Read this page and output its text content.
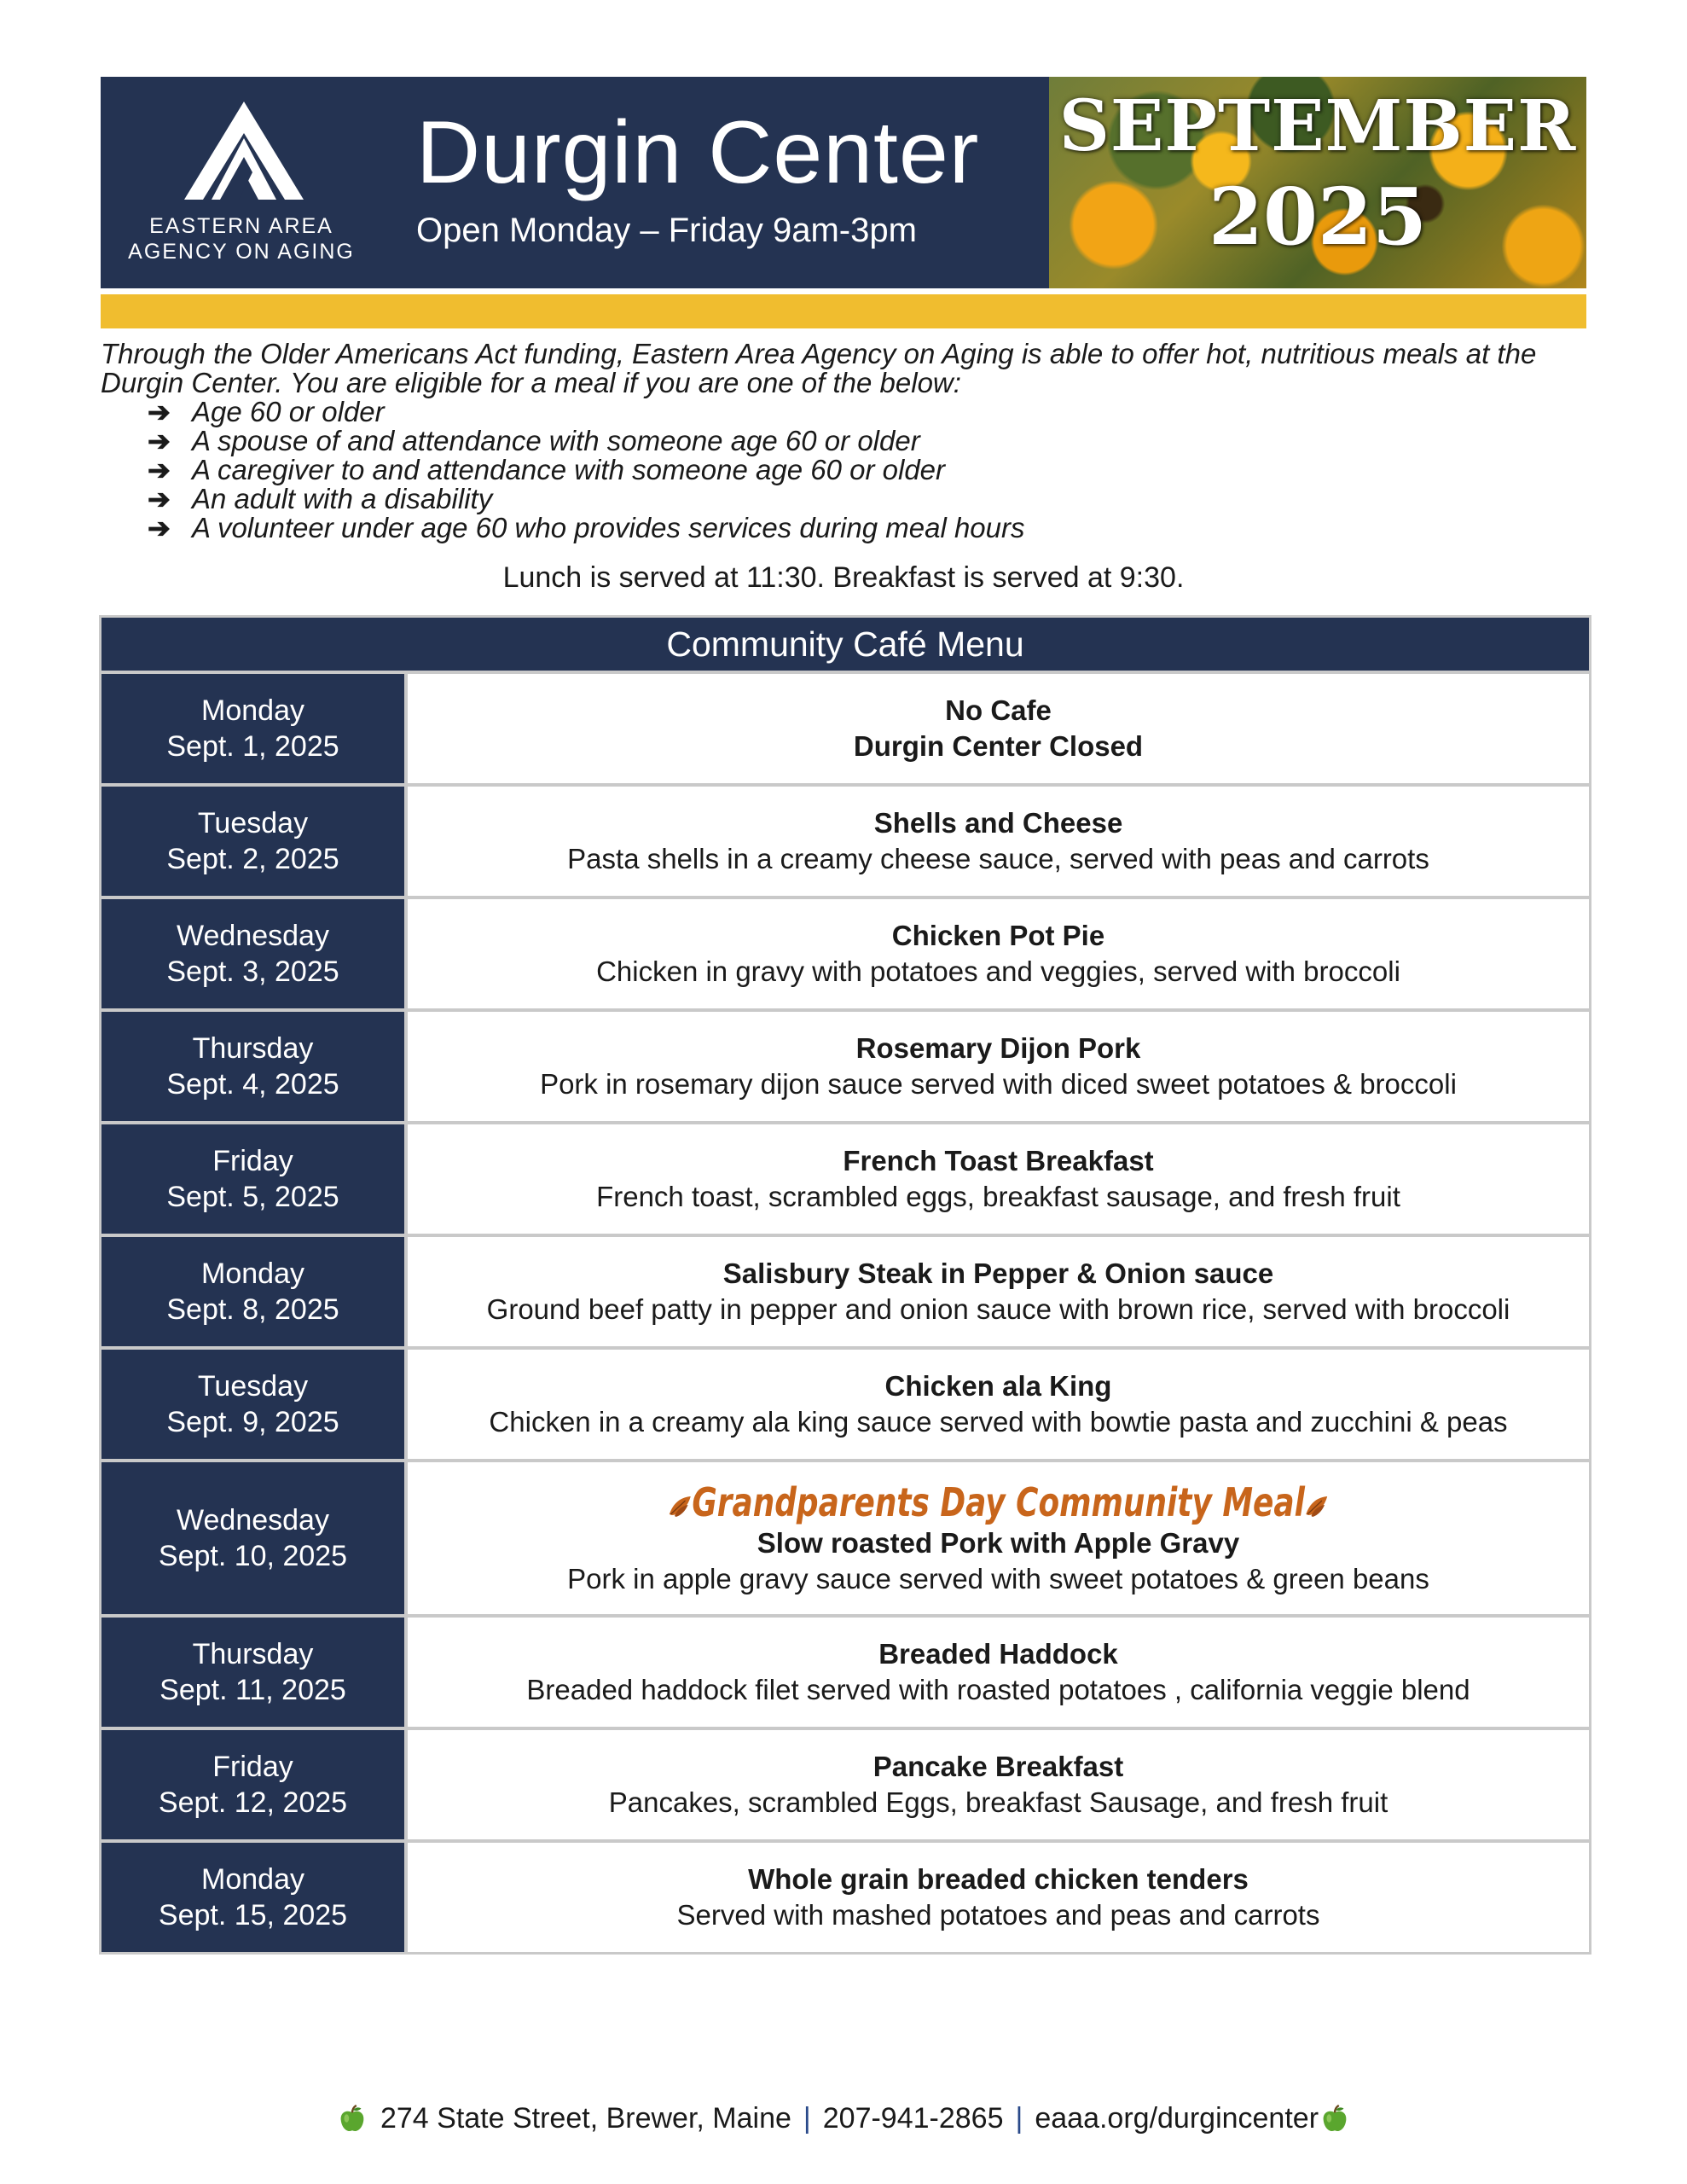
EASTERN AREA
AGENCY ON AGING
Durgin Center
Open Monday – Friday 9am-3pm
SEPTEMBER
2025

Through the Older Americans Act funding, Eastern Area Agency on Aging is able to offer hot, nutritious meals at the Durgin Center. You are eligible for a meal if you are one of the below:

➔ Age 60 or older
➔ A spouse of and attendance with someone age 60 or older
➔ A caregiver to and attendance with someone age 60 or older
➔ An adult with a disability
➔ A volunteer under age 60 who provides services during meal hours
Lunch is served at 11:30. Breakfast is served at 9:30.
Community Café Menu
Monday
Sept. 1, 2025
No Cafe
Durgin Center Closed
Tuesday
Sept. 2, 2025
Shells and Cheese
Pasta shells in a creamy cheese sauce, served with peas and carrots
Wednesday
Sept. 3, 2025
Chicken Pot Pie
Chicken in gravy with potatoes and veggies, served with broccoli
Thursday
Sept. 4, 2025
Rosemary Dijon Pork
Pork in rosemary dijon sauce served with diced sweet potatoes & broccoli
Friday
Sept. 5, 2025
French Toast Breakfast
French toast, scrambled eggs, breakfast sausage, and fresh fruit
Monday
Sept. 8, 2025
Salisbury Steak in Pepper & Onion sauce
Ground beef patty in pepper and onion sauce with brown rice, served with broccoli
Tuesday
Sept. 9, 2025
Chicken ala King
Chicken in a creamy ala king sauce served with bowtie pasta and zucchini & peas
Wednesday
Sept. 10, 2025
Grandparents Day Community Meal
Slow roasted Pork with Apple Gravy
Pork in apple gravy sauce served with sweet potatoes & green beans
Thursday
Sept. 11, 2025
Breaded Haddock
Breaded haddock filet served with roasted potatoes , california veggie blend
Friday
Sept. 12, 2025
Pancake Breakfast
Pancakes, scrambled Eggs, breakfast Sausage, and fresh fruit
Monday
Sept. 15, 2025
Whole grain breaded chicken tenders
Served with mashed potatoes and peas and carrots
274 State Street, Brewer, Maine | 207-941-2865 | eaaa.org/durgincenter
